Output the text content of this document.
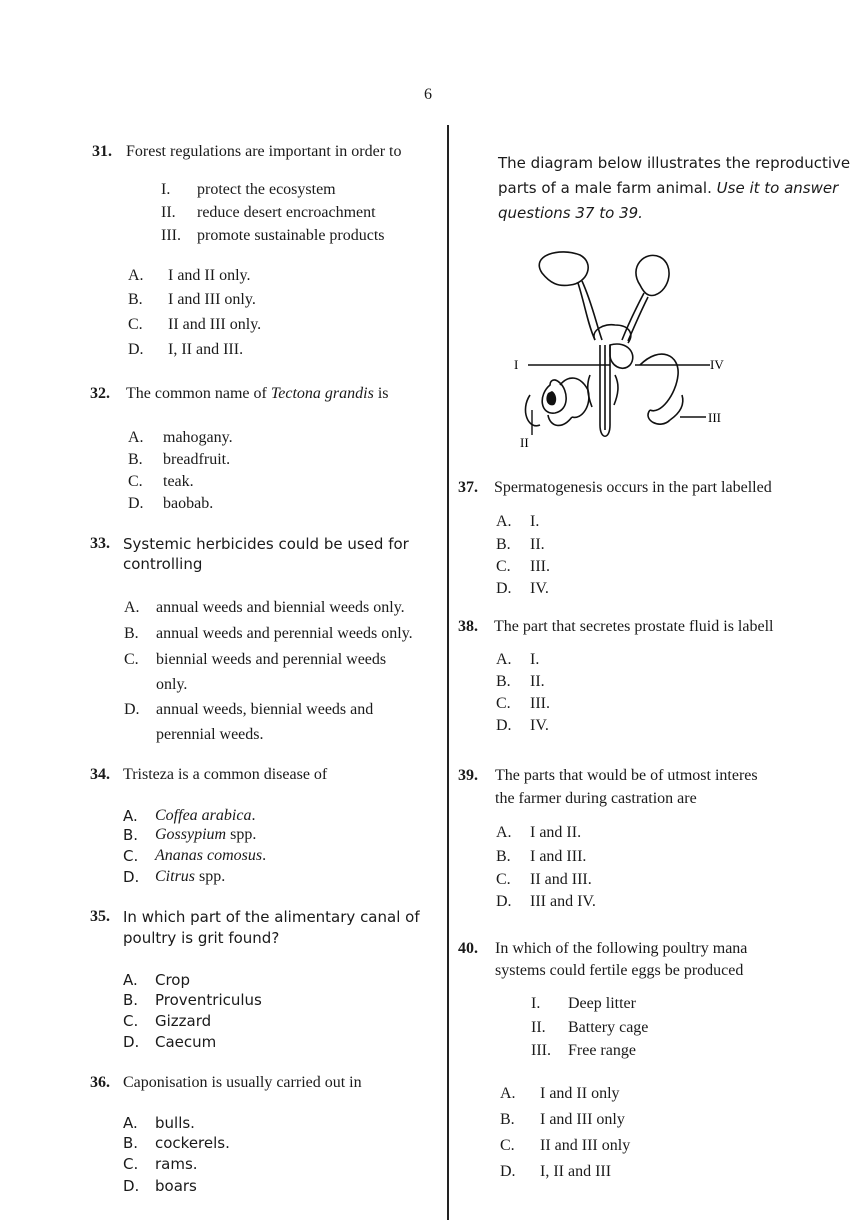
6
31. Forest regulations are important in order to
I. protect the ecosystem
II. reduce desert encroachment
III. promote sustainable products
A. I and II only.
B. I and III only.
C. II and III only.
D. I, II and III.
32. The common name of Tectona grandis is
A. mahogany.
B. breadfruit.
C. teak.
D. baobab.
33. Systemic herbicides could be used for
controlling
A. annual weeds and biennial weeds only.
B. annual weeds and perennial weeds only.
C. biennial weeds and perennial weeds
only.
D. annual weeds, biennial weeds and
perennial weeds.
34. Tristeza is a common disease of
A. Coffea arabica.
B. Gossypium spp.
C. Ananas comosus.
D. Citrus spp.
35. In which part of the alimentary canal of
poultry is grit found?
A. Crop
B. Proventriculus
C. Gizzard
D. Caecum
36. Caponisation is usually carried out in
A. bulls.
B. cockerels.
C. rams.
D. boars
The diagram below illustrates the reproductive
parts of a male farm animal. Use it to answer
questions 37 to 39.
I	IV
III
II
37. Spermatogenesis occurs in the part labelled
A. I.
B. II.
C. III.
D. IV.
38. The part that secretes prostate fluid is labell
A. I.
B. II.
C. III.
D. IV.
39. The parts that would be of utmost interes
the farmer during castration are
A. I and II.
B. I and III.
C. II and III.
D. III and IV.
40. In which of the following poultry mana
systems could fertile eggs be produced
I. Deep litter
II. Battery cage
III. Free range
A. I and II only
B. I and III only
C. II and III only
D. I, II and III
